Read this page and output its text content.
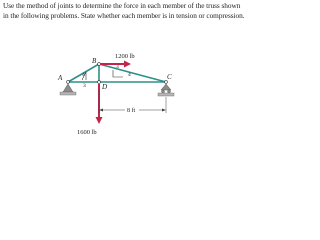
Use the method of joints to determine the force in each member of the truss shown in the following problems. State whether each member is in tension or compression.
4
3
3
4
A
B
C
D
1200 lb
1600 lb
8 ft
